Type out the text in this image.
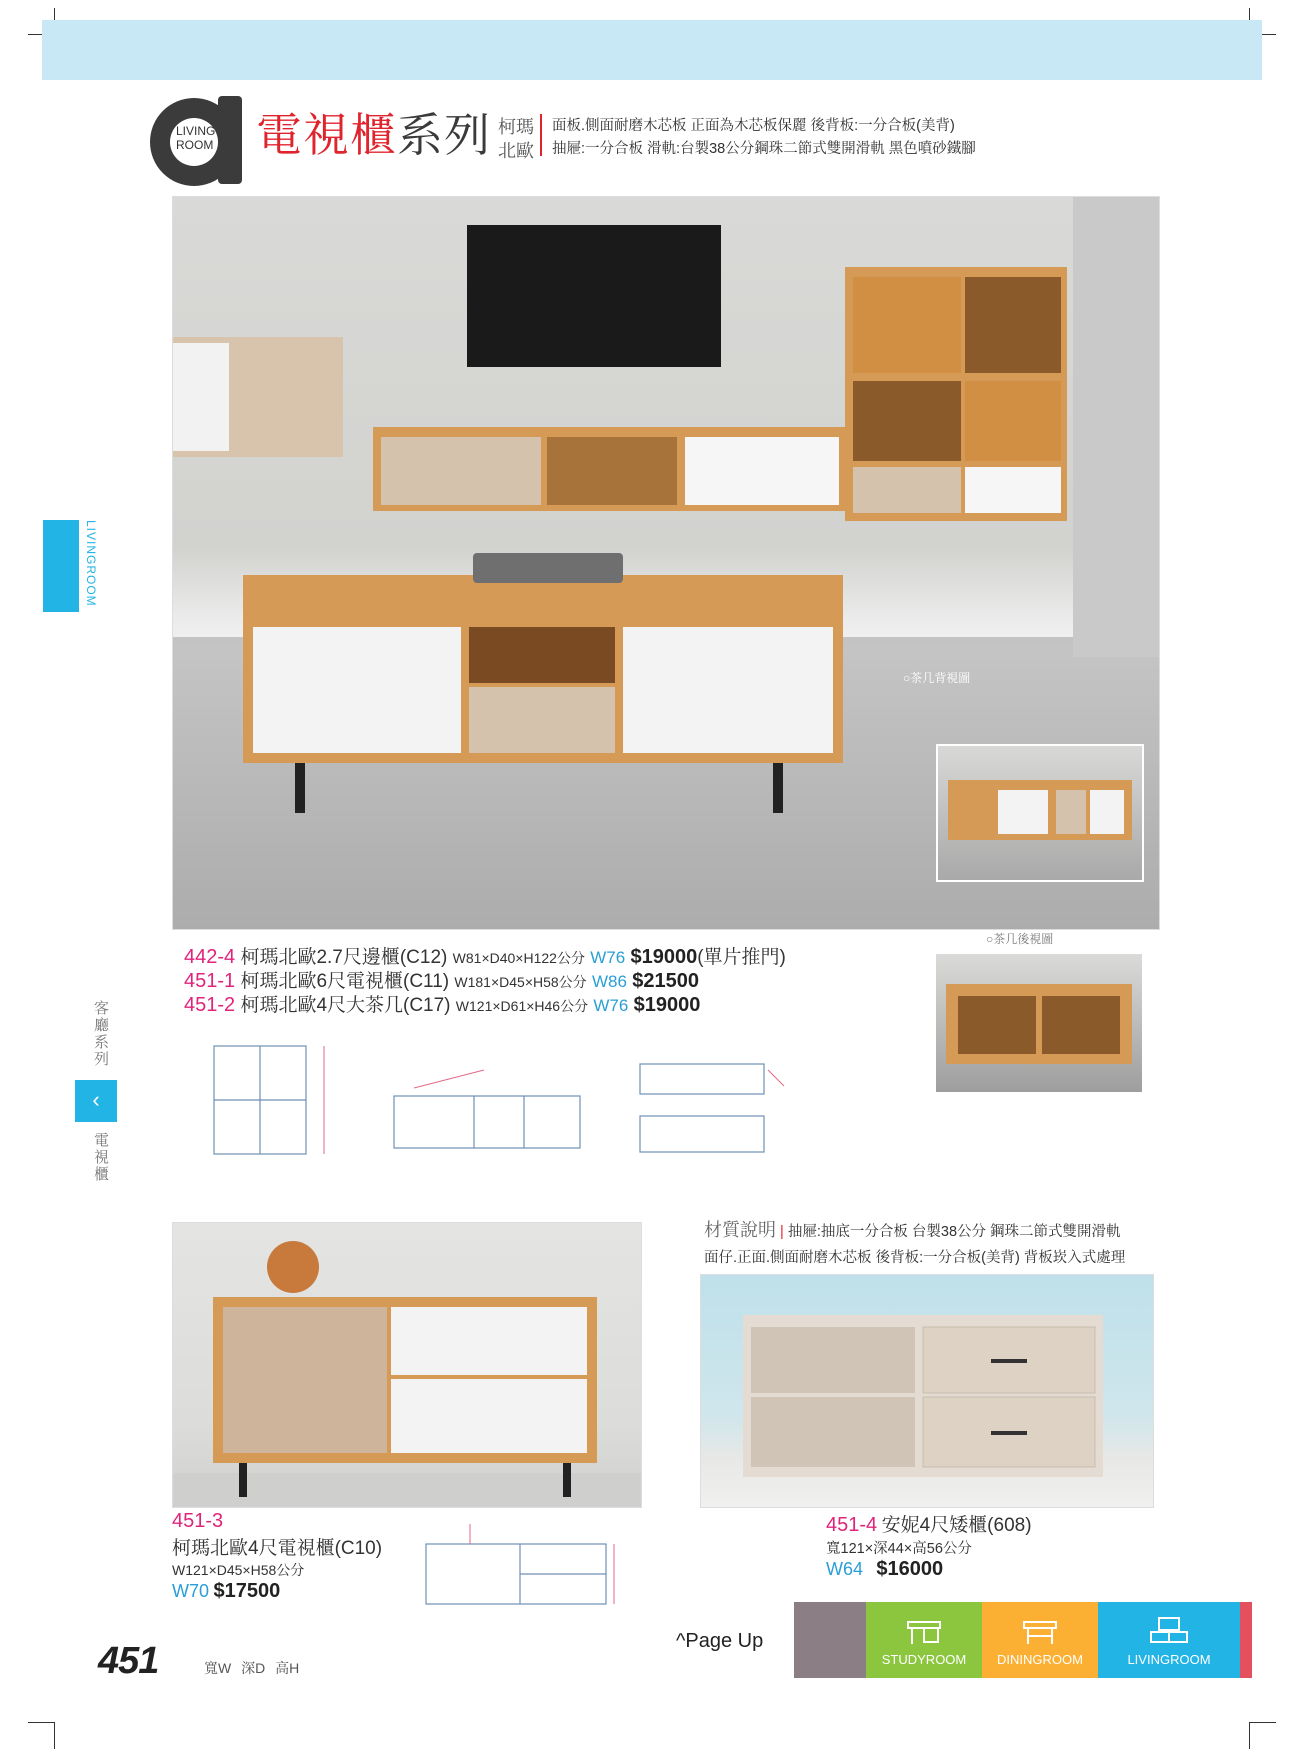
LIVING
ROOM 電視櫃系列 柯瑪
北歐
面板.側面耐磨木芯板 正面為木芯板保麗 後背板:一分合板(美背)
抽屜:一分合板 滑軌:台製38公分鋼珠二節式雙開滑軌 黑色噴砂鐵腳
○茶几背視圖
○茶几後視圖
442-4 柯瑪北歐2.7尺邊櫃(C12) W81×D40×H122公分 W76 $19000(單片推門)
451-1 柯瑪北歐6尺電視櫃(C11) W181×D45×H58公分 W86 $21500
451-2 柯瑪北歐4尺大茶几(C17) W121×D61×H46公分 W76 $19000
LIVINGROOM
客廳系列
‹
電視櫃
材質說明 | 抽屜:抽底一分合板 台製38公分 鋼珠二節式雙開滑軌
面仔.正面.側面耐磨木芯板 後背板:一分合板(美背) 背板崁入式處理
451-3
柯瑪北歐4尺電視櫃(C10)
W121×D45×H58公分
W70 $17500
451-4 安妮4尺矮櫃(608)
寬121×深44×高56公分
W64 $16000
451	寬W 深D 高H
^Page Up
STUDYROOM	DININGROOM	LIVINGROOM
